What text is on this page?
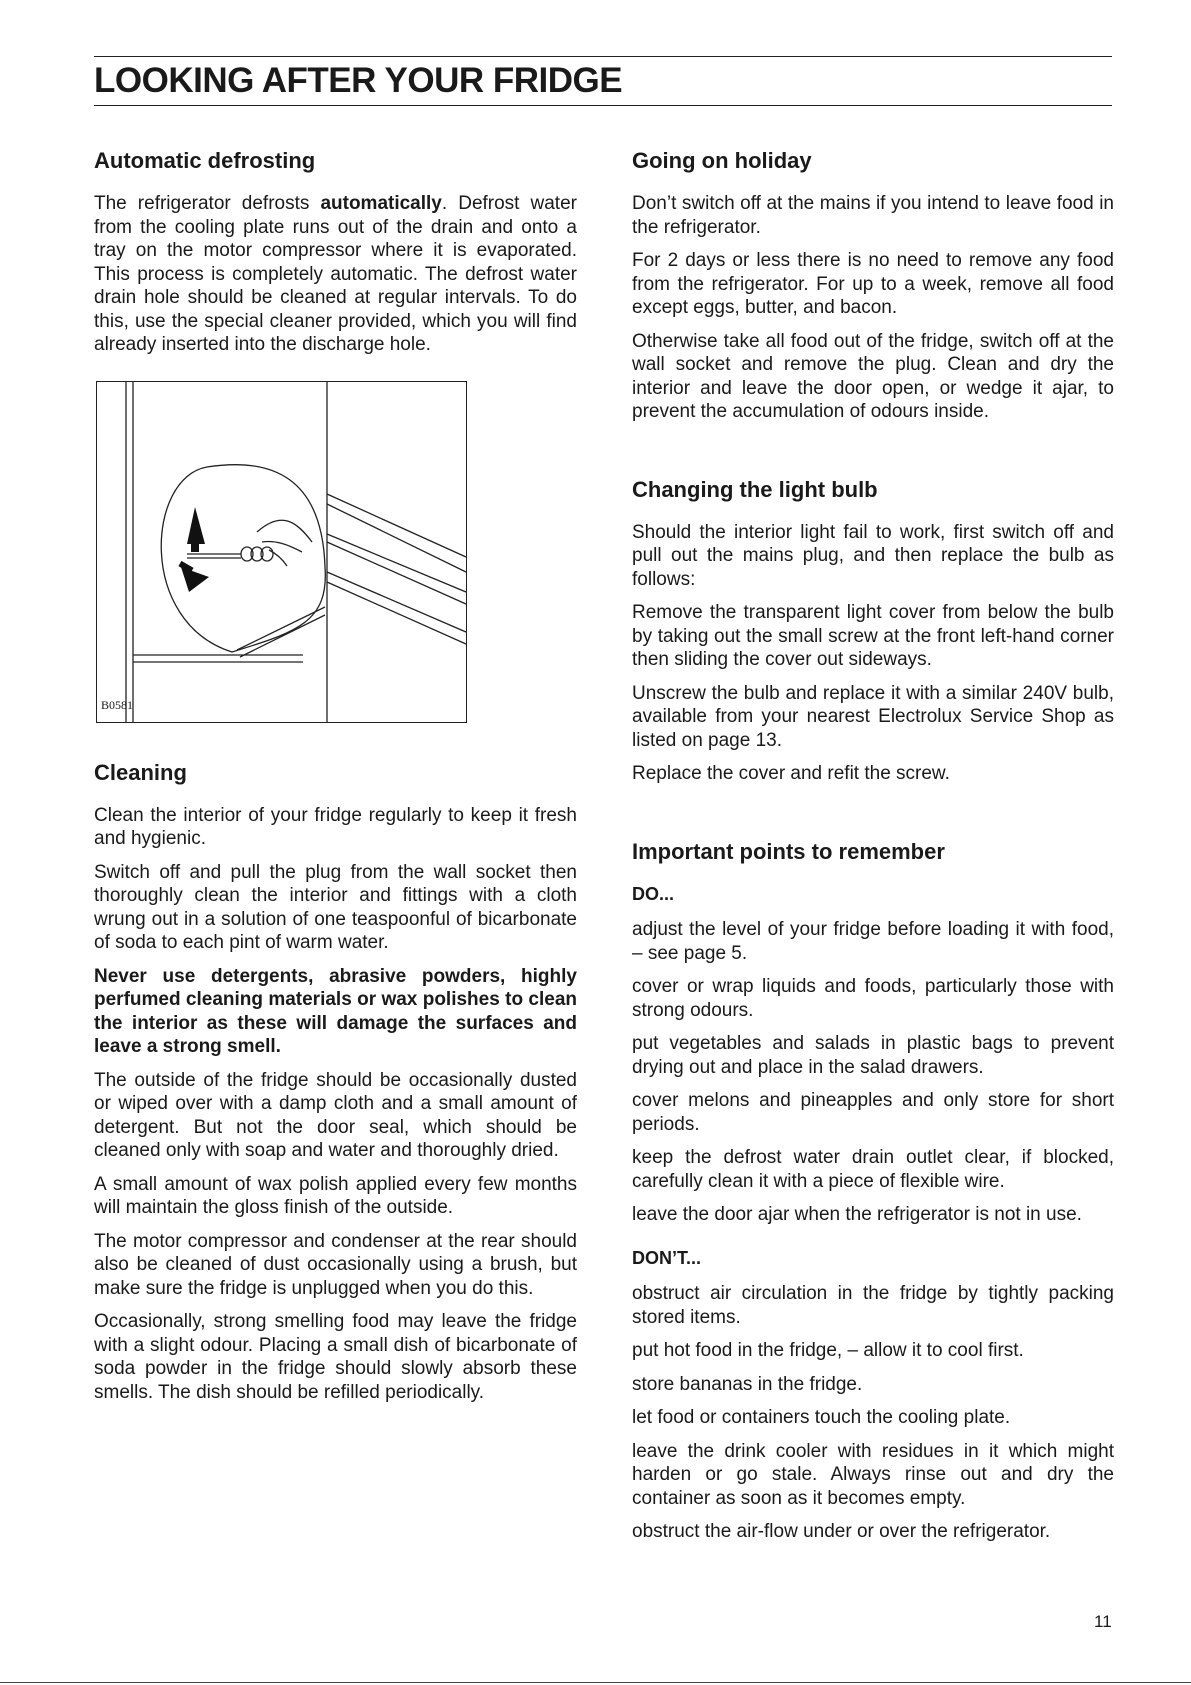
LOOKING AFTER YOUR FRIDGE
Automatic defrosting

The refrigerator defrosts automatically. Defrost water from the cooling plate runs out of the drain and onto a tray on the motor compressor where it is evaporated. This process is completely automatic. The defrost water drain hole should be cleaned at regular intervals. To do this, use the special cleaner provided, which you will find already inserted into the discharge hole.

B0581
Cleaning

Clean the interior of your fridge regularly to keep it fresh and hygienic.

Switch off and pull the plug from the wall socket then thoroughly clean the interior and fittings with a cloth wrung out in a solution of one teaspoonful of bicarbonate of soda to each pint of warm water.

Never use detergents, abrasive powders, highly perfumed cleaning materials or wax polishes to clean the interior as these will damage the surfaces and leave a strong smell.

The outside of the fridge should be occasionally dusted or wiped over with a damp cloth and a small amount of detergent. But not the door seal, which should be cleaned only with soap and water and thoroughly dried.

A small amount of wax polish applied every few months will maintain the gloss finish of the outside.

The motor compressor and condenser at the rear should also be cleaned of dust occasionally using a brush, but make sure the fridge is unplugged when you do this.

Occasionally, strong smelling food may leave the fridge with a slight odour. Placing a small dish of bicarbonate of soda powder in the fridge should slowly absorb these smells. The dish should be refilled periodically.

Going on holiday

Don’t switch off at the mains if you intend to leave food in the refrigerator.

For 2 days or less there is no need to remove any food from the refrigerator. For up to a week, remove all food except eggs, butter, and bacon.

Otherwise take all food out of the fridge, switch off at the wall socket and remove the plug. Clean and dry the interior and leave the door open, or wedge it ajar, to prevent the accumulation of odours inside.

Changing the light bulb

Should the interior light fail to work, first switch off and pull out the mains plug, and then replace the bulb as follows:

Remove the transparent light cover from below the bulb by taking out the small screw at the front left-hand corner then sliding the cover out sideways.

Unscrew the bulb and replace it with a similar 240V bulb, available from your nearest Electrolux Service Shop as listed on page 13.

Replace the cover and refit the screw.

Important points to remember
DO...

adjust the level of your fridge before loading it with food, – see page 5.

cover or wrap liquids and foods, particularly those with strong odours.

put vegetables and salads in plastic bags to prevent drying out and place in the salad drawers.

cover melons and pineapples and only store for short periods.

keep the defrost water drain outlet clear, if blocked, carefully clean it with a piece of flexible wire.

leave the door ajar when the refrigerator is not in use.

DON’T...

obstruct air circulation in the fridge by tightly packing stored items.

put hot food in the fridge, – allow it to cool first.

store bananas in the fridge.

let food or containers touch the cooling plate.

leave the drink cooler with residues in it which might harden or go stale. Always rinse out and dry the container as soon as it becomes empty.

obstruct the air-flow under or over the refrigerator.

11
